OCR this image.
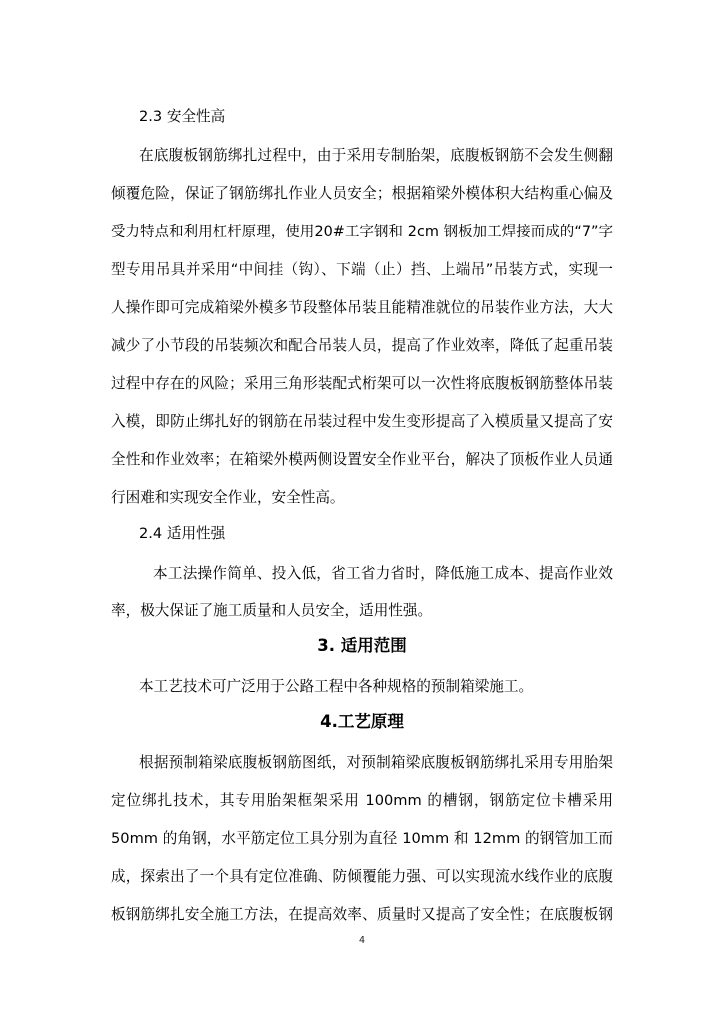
2.3 安全性高
在底腹板钢筋绑扎过程中，由于采用专制胎架，底腹板钢筋不会发生侧翻
倾覆危险，保证了钢筋绑扎作业人员安全；根据箱梁外模体积大结构重心偏及
受力特点和利用杠杆原理，使用20#工字钢和 2cm 钢板加工焊接而成的“7”字
型专用吊具并采用“中间挂（钩）、下端（止）挡、上端吊”吊装方式，实现一
人操作即可完成箱梁外模多节段整体吊装且能精准就位的吊装作业方法，大大
减少了小节段的吊装频次和配合吊装人员，提高了作业效率，降低了起重吊装
过程中存在的风险；采用三角形装配式桁架可以一次性将底腹板钢筋整体吊装
入模，即防止绑扎好的钢筋在吊装过程中发生变形提高了入模质量又提高了安
全性和作业效率；在箱梁外模两侧设置安全作业平台，解决了顶板作业人员通
行困难和实现安全作业，安全性高。
2.4 适用性强
本工法操作简单、投入低，省工省力省时，降低施工成本、提高作业效
率，极大保证了施工质量和人员安全，适用性强。
3. 适用范围
本工艺技术可广泛用于公路工程中各种规格的预制箱梁施工。
4.工艺原理
根据预制箱梁底腹板钢筋图纸，对预制箱梁底腹板钢筋绑扎采用专用胎架
定位绑扎技术，其专用胎架框架采用 100mm 的槽钢，钢筋定位卡槽采用
50mm 的角钢，水平筋定位工具分别为直径 10mm 和 12mm 的钢管加工而
成，探索出了一个具有定位准确、防倾覆能力强、可以实现流水线作业的底腹
板钢筋绑扎安全施工方法，在提高效率、质量时又提高了安全性；在底腹板钢
4
